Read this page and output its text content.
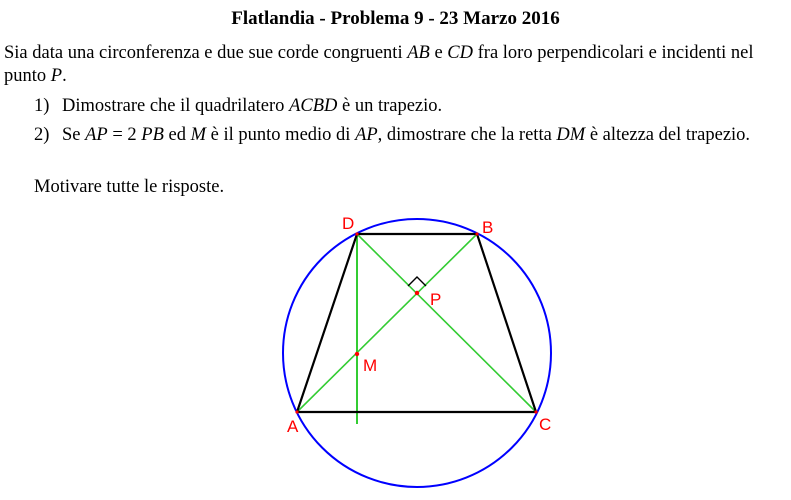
Flatlandia - Problema 9 - 23 Marzo 2016
Sia data una circonferenza e due sue corde congruenti AB e CD fra loro perpendicolari e incidenti nel punto P.
1) Dimostrare che il quadrilatero ACBD è un trapezio.
2) Se AP = 2 PB ed M è il punto medio di AP, dimostrare che la retta DM è altezza del trapezio.
Motivare tutte le risposte.
D	B
P
M
A	C
